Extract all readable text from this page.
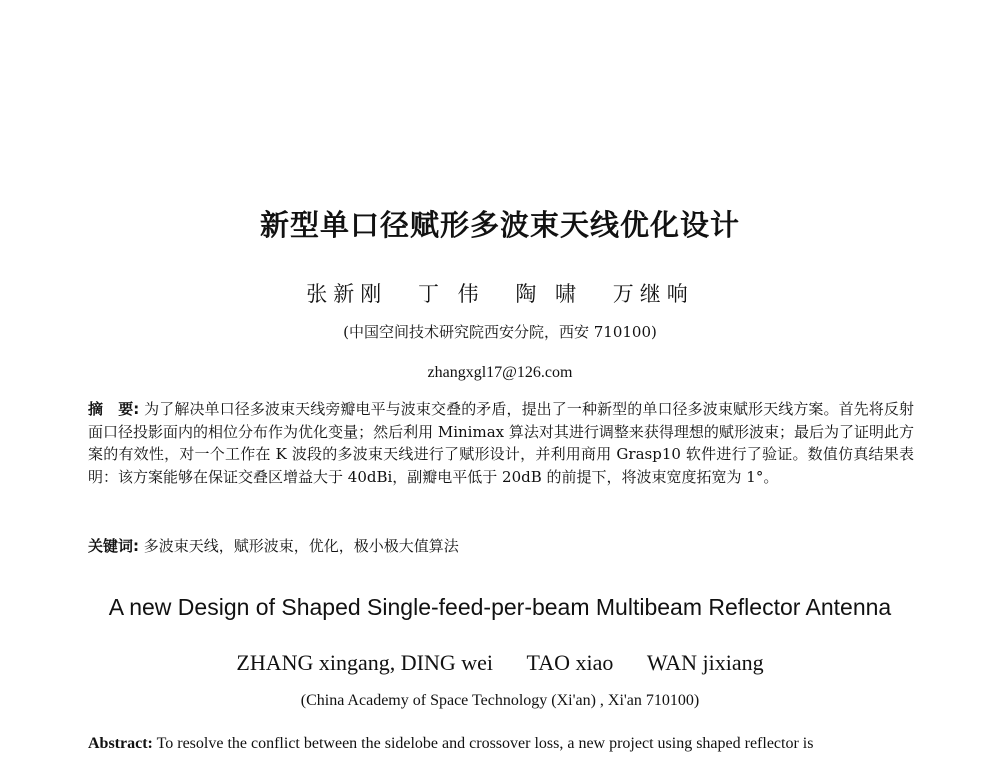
新型单口径赋形多波束天线优化设计
张新刚 丁 伟 陶 啸 万继响
(中国空间技术研究院西安分院，西安 710100)
zhangxgl17@126.com
摘　要: 为了解决单口径多波束天线旁瓣电平与波束交叠的矛盾，提出了一种新型的单口径多波束赋形天线方案。首先将反射面口径投影面内的相位分布作为优化变量；然后利用 Minimax 算法对其进行调整来获得理想的赋形波束；最后为了证明此方案的有效性，对一个工作在 K 波段的多波束天线进行了赋形设计，并利用商用 Grasp10 软件进行了验证。数值仿真结果表明：该方案能够在保证交叠区增益大于 40dBi，副瓣电平低于 20dB 的前提下，将波束宽度拓宽为 1°。
关键词: 多波束天线，赋形波束，优化，极小极大值算法
A new Design of Shaped Single-feed-per-beam Multibeam Reflector Antenna
ZHANG xingang, DING wei TAO xiao WAN jixiang
(China Academy of Space Technology (Xi'an) , Xi'an 710100)
Abstract: To resolve the conflict between the sidelobe and crossover loss, a new project using shaped reflector is
